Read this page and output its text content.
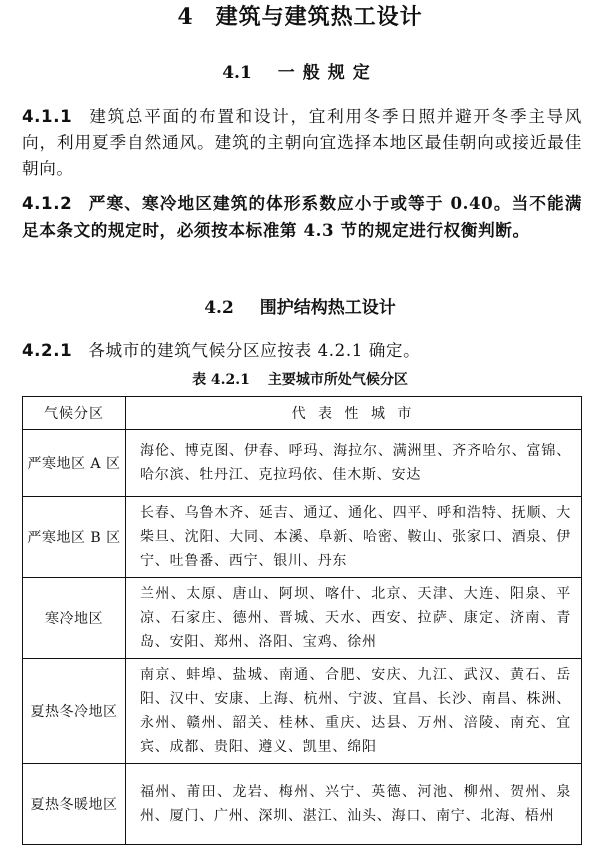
4 建筑与建筑热工设计
4.1 一般规定
4.1.1 建筑总平面的布置和设计，宜利用冬季日照并避开冬季主导风向，利用夏季自然通风。建筑的主朝向宜选择本地区最佳朝向或接近最佳朝向。
4.1.2 严寒、寒冷地区建筑的体形系数应小于或等于 0.40。当不能满足本条文的规定时，必须按本标准第 4.3 节的规定进行权衡判断。
4.2 围护结构热工设计
4.2.1 各城市的建筑气候分区应按表 4.2.1 确定。
表 4.2.1 主要城市所处气候分区
气候分区	代 表 性 城 市
严寒地区 A 区	海伦、博克图、伊春、呼玛、海拉尔、满洲里、齐齐哈尔、富锦、哈尔滨、牡丹江、克拉玛依、佳木斯、安达
严寒地区 B 区	长春、乌鲁木齐、延吉、通辽、通化、四平、呼和浩特、抚顺、大柴旦、沈阳、大同、本溪、阜新、哈密、鞍山、张家口、酒泉、伊宁、吐鲁番、西宁、银川、丹东
寒冷地区	兰州、太原、唐山、阿坝、喀什、北京、天津、大连、阳泉、平凉、石家庄、德州、晋城、天水、西安、拉萨、康定、济南、青岛、安阳、郑州、洛阳、宝鸡、徐州
夏热冬冷地区	南京、蚌埠、盐城、南通、合肥、安庆、九江、武汉、黄石、岳阳、汉中、安康、上海、杭州、宁波、宜昌、长沙、南昌、株洲、永州、赣州、韶关、桂林、重庆、达县、万州、涪陵、南充、宜宾、成都、贵阳、遵义、凯里、绵阳
夏热冬暖地区	福州、莆田、龙岩、梅州、兴宁、英德、河池、柳州、贺州、泉州、厦门、广州、深圳、湛江、汕头、海口、南宁、北海、梧州
